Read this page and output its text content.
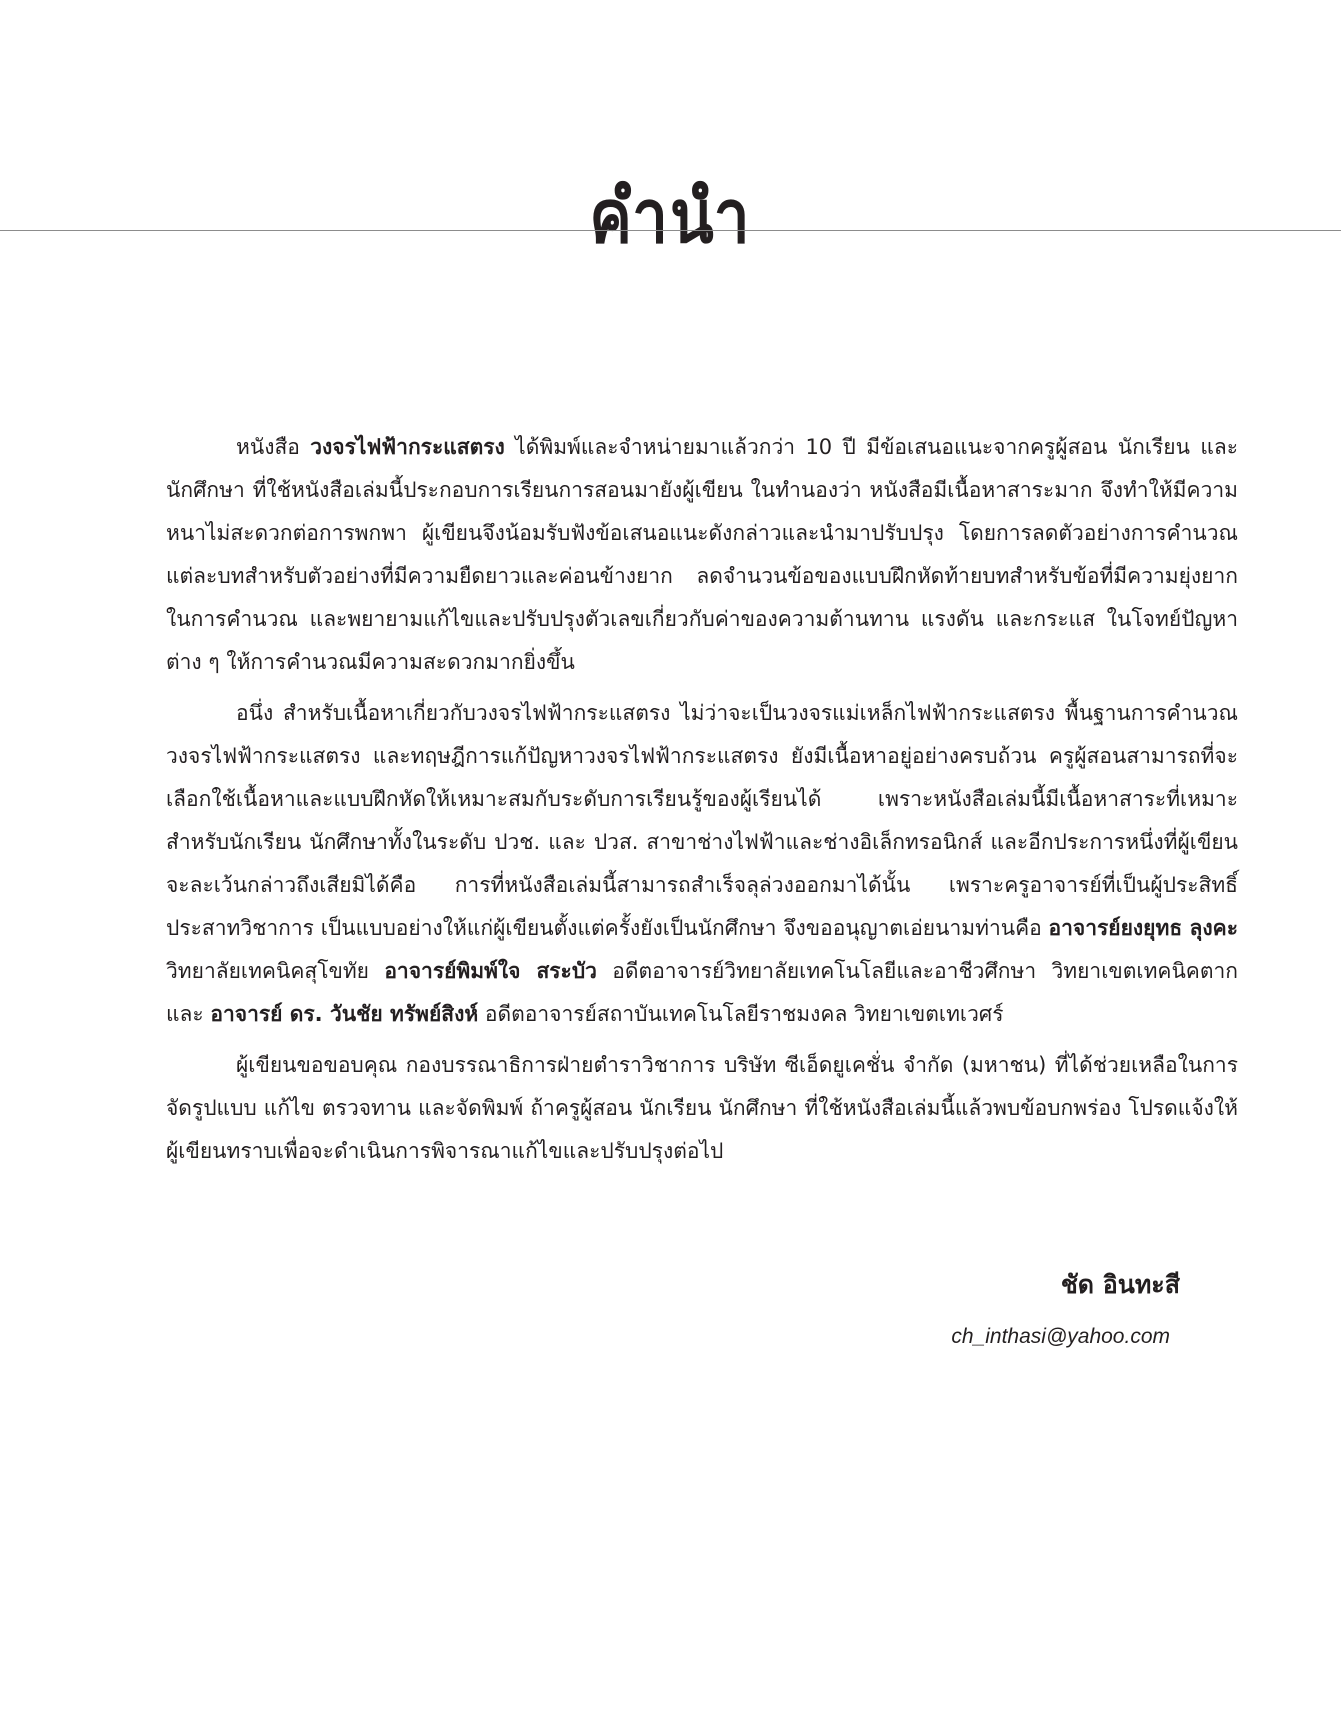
คำนำ

หนังสือ วงจรไฟฟ้ากระแสตรง ได้พิมพ์และจำหน่ายมาแล้วกว่า 10 ปี มีข้อเสนอแนะจากครูผู้สอน นักเรียน และนักศึกษา ที่ใช้หนังสือเล่มนี้ประกอบการเรียนการสอนมายังผู้เขียน ในทำนองว่า หนังสือมีเนื้อหาสาระมาก จึงทำให้มีความหนาไม่สะดวกต่อการพกพา ผู้เขียนจึงน้อมรับฟังข้อเสนอแนะดังกล่าวและนำมาปรับปรุง โดยการลดตัวอย่างการคำนวณแต่ละบทสำหรับตัวอย่างที่มีความยืดยาวและค่อนข้างยาก ลดจำนวนข้อของแบบฝึกหัดท้ายบทสำหรับข้อที่มีความยุ่งยากในการคำนวณ และพยายามแก้ไขและปรับปรุงตัวเลขเกี่ยวกับค่าของความต้านทาน แรงดัน และกระแส ในโจทย์ปัญหาต่าง ๆ ให้การคำนวณมีความสะดวกมากยิ่งขึ้น

อนึ่ง สำหรับเนื้อหาเกี่ยวกับวงจรไฟฟ้ากระแสตรง ไม่ว่าจะเป็นวงจรแม่เหล็กไฟฟ้ากระแสตรง พื้นฐานการคำนวณวงจรไฟฟ้ากระแสตรง และทฤษฎีการแก้ปัญหาวงจรไฟฟ้ากระแสตรง ยังมีเนื้อหาอยู่อย่างครบถ้วน ครูผู้สอนสามารถที่จะเลือกใช้เนื้อหาและแบบฝึกหัดให้เหมาะสมกับระดับการเรียนรู้ของผู้เรียนได้ เพราะหนังสือเล่มนี้มีเนื้อหาสาระที่เหมาะสำหรับนักเรียน นักศึกษาทั้งในระดับ ปวช. และ ปวส. สาขาช่างไฟฟ้าและช่างอิเล็กทรอนิกส์ และอีกประการหนึ่งที่ผู้เขียนจะละเว้นกล่าวถึงเสียมิได้คือ การที่หนังสือเล่มนี้สามารถสำเร็จลุล่วงออกมาได้นั้น เพราะครูอาจารย์ที่เป็นผู้ประสิทธิ์ประสาทวิชาการ เป็นแบบอย่างให้แก่ผู้เขียนตั้งแต่ครั้งยังเป็นนักศึกษา จึงขออนุญาตเอ่ยนามท่านคือ อาจารย์ยงยุทธ ลุงคะ วิทยาลัยเทคนิคสุโขทัย อาจารย์พิมพ์ใจ สระบัว อดีตอาจารย์วิทยาลัยเทคโนโลยีและอาชีวศึกษา วิทยาเขตเทคนิคตาก และ อาจารย์ ดร. วันชัย ทรัพย์สิงห์ อดีตอาจารย์สถาบันเทคโนโลยีราชมงคล วิทยาเขตเทเวศร์

ผู้เขียนขอขอบคุณ กองบรรณาธิการฝ่ายตำราวิชาการ บริษัท ซีเอ็ดยูเคชั่น จำกัด (มหาชน) ที่ได้ช่วยเหลือในการจัดรูปแบบ แก้ไข ตรวจทาน และจัดพิมพ์ ถ้าครูผู้สอน นักเรียน นักศึกษา ที่ใช้หนังสือเล่มนี้แล้วพบข้อบกพร่อง โปรดแจ้งให้ผู้เขียนทราบเพื่อจะดำเนินการพิจารณาแก้ไขและปรับปรุงต่อไป

ชัด อินทะสี
ch_inthasi@yahoo.com
